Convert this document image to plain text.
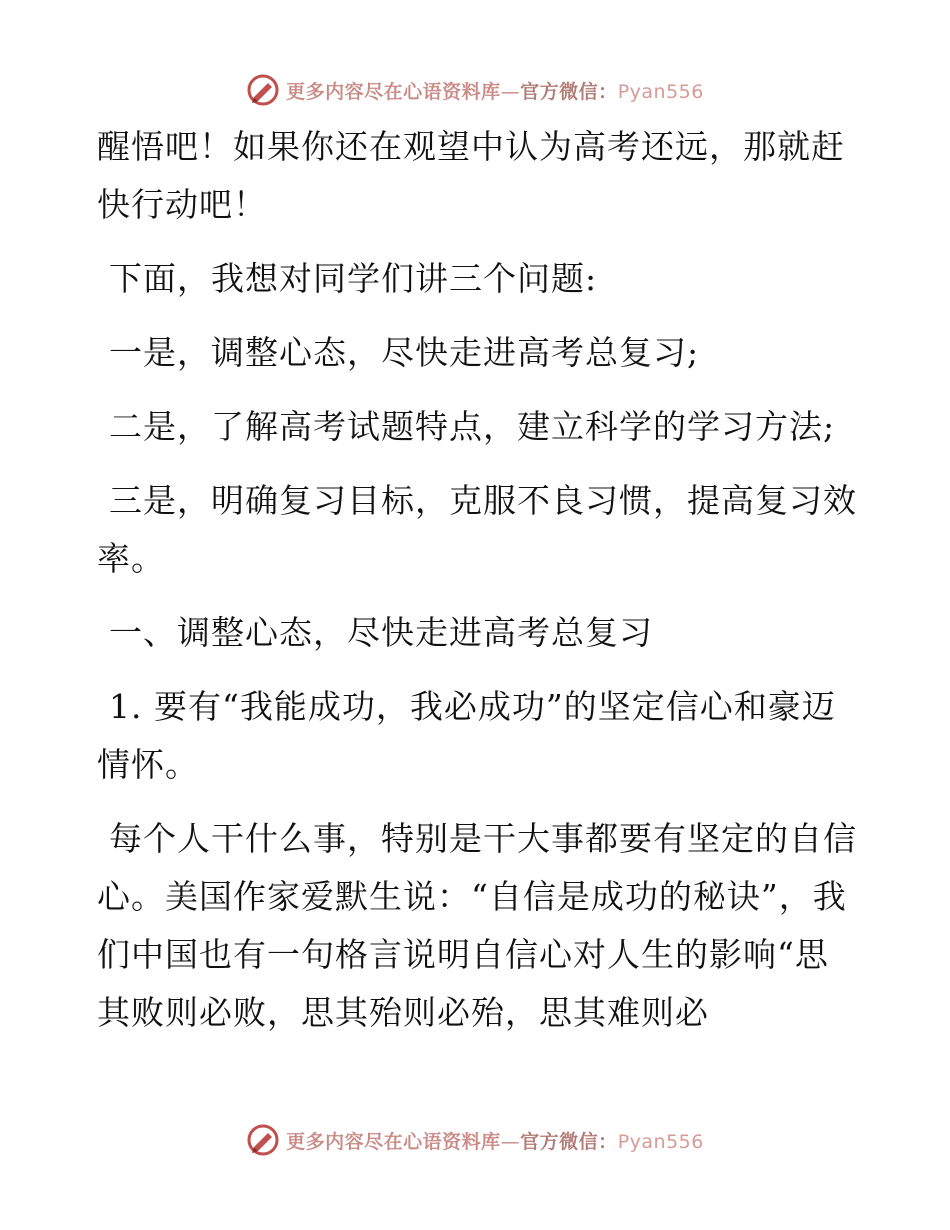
更多内容尽在心语资料库—官方微信：Pyan556

醒悟吧！如果你还在观望中认为高考还远，那就赶快行动吧！

下面，我想对同学们讲三个问题:

一是，调整心态，尽快走进高考总复习;

二是，了解高考试题特点，建立科学的学习方法;

三是，明确复习目标，克服不良习惯，提高复习效率。

一、调整心态，尽快走进高考总复习

1. 要有“我能成功，我必成功”的坚定信心和豪迈情怀。

每个人干什么事，特别是干大事都要有坚定的自信心。美国作家爱默生说：“自信是成功的秘诀”，我们中国也有一句格言说明自信心对人生的影响“思其败则必败，思其殆则必殆，思其难则必

更多内容尽在心语资料库—官方微信：Pyan556
